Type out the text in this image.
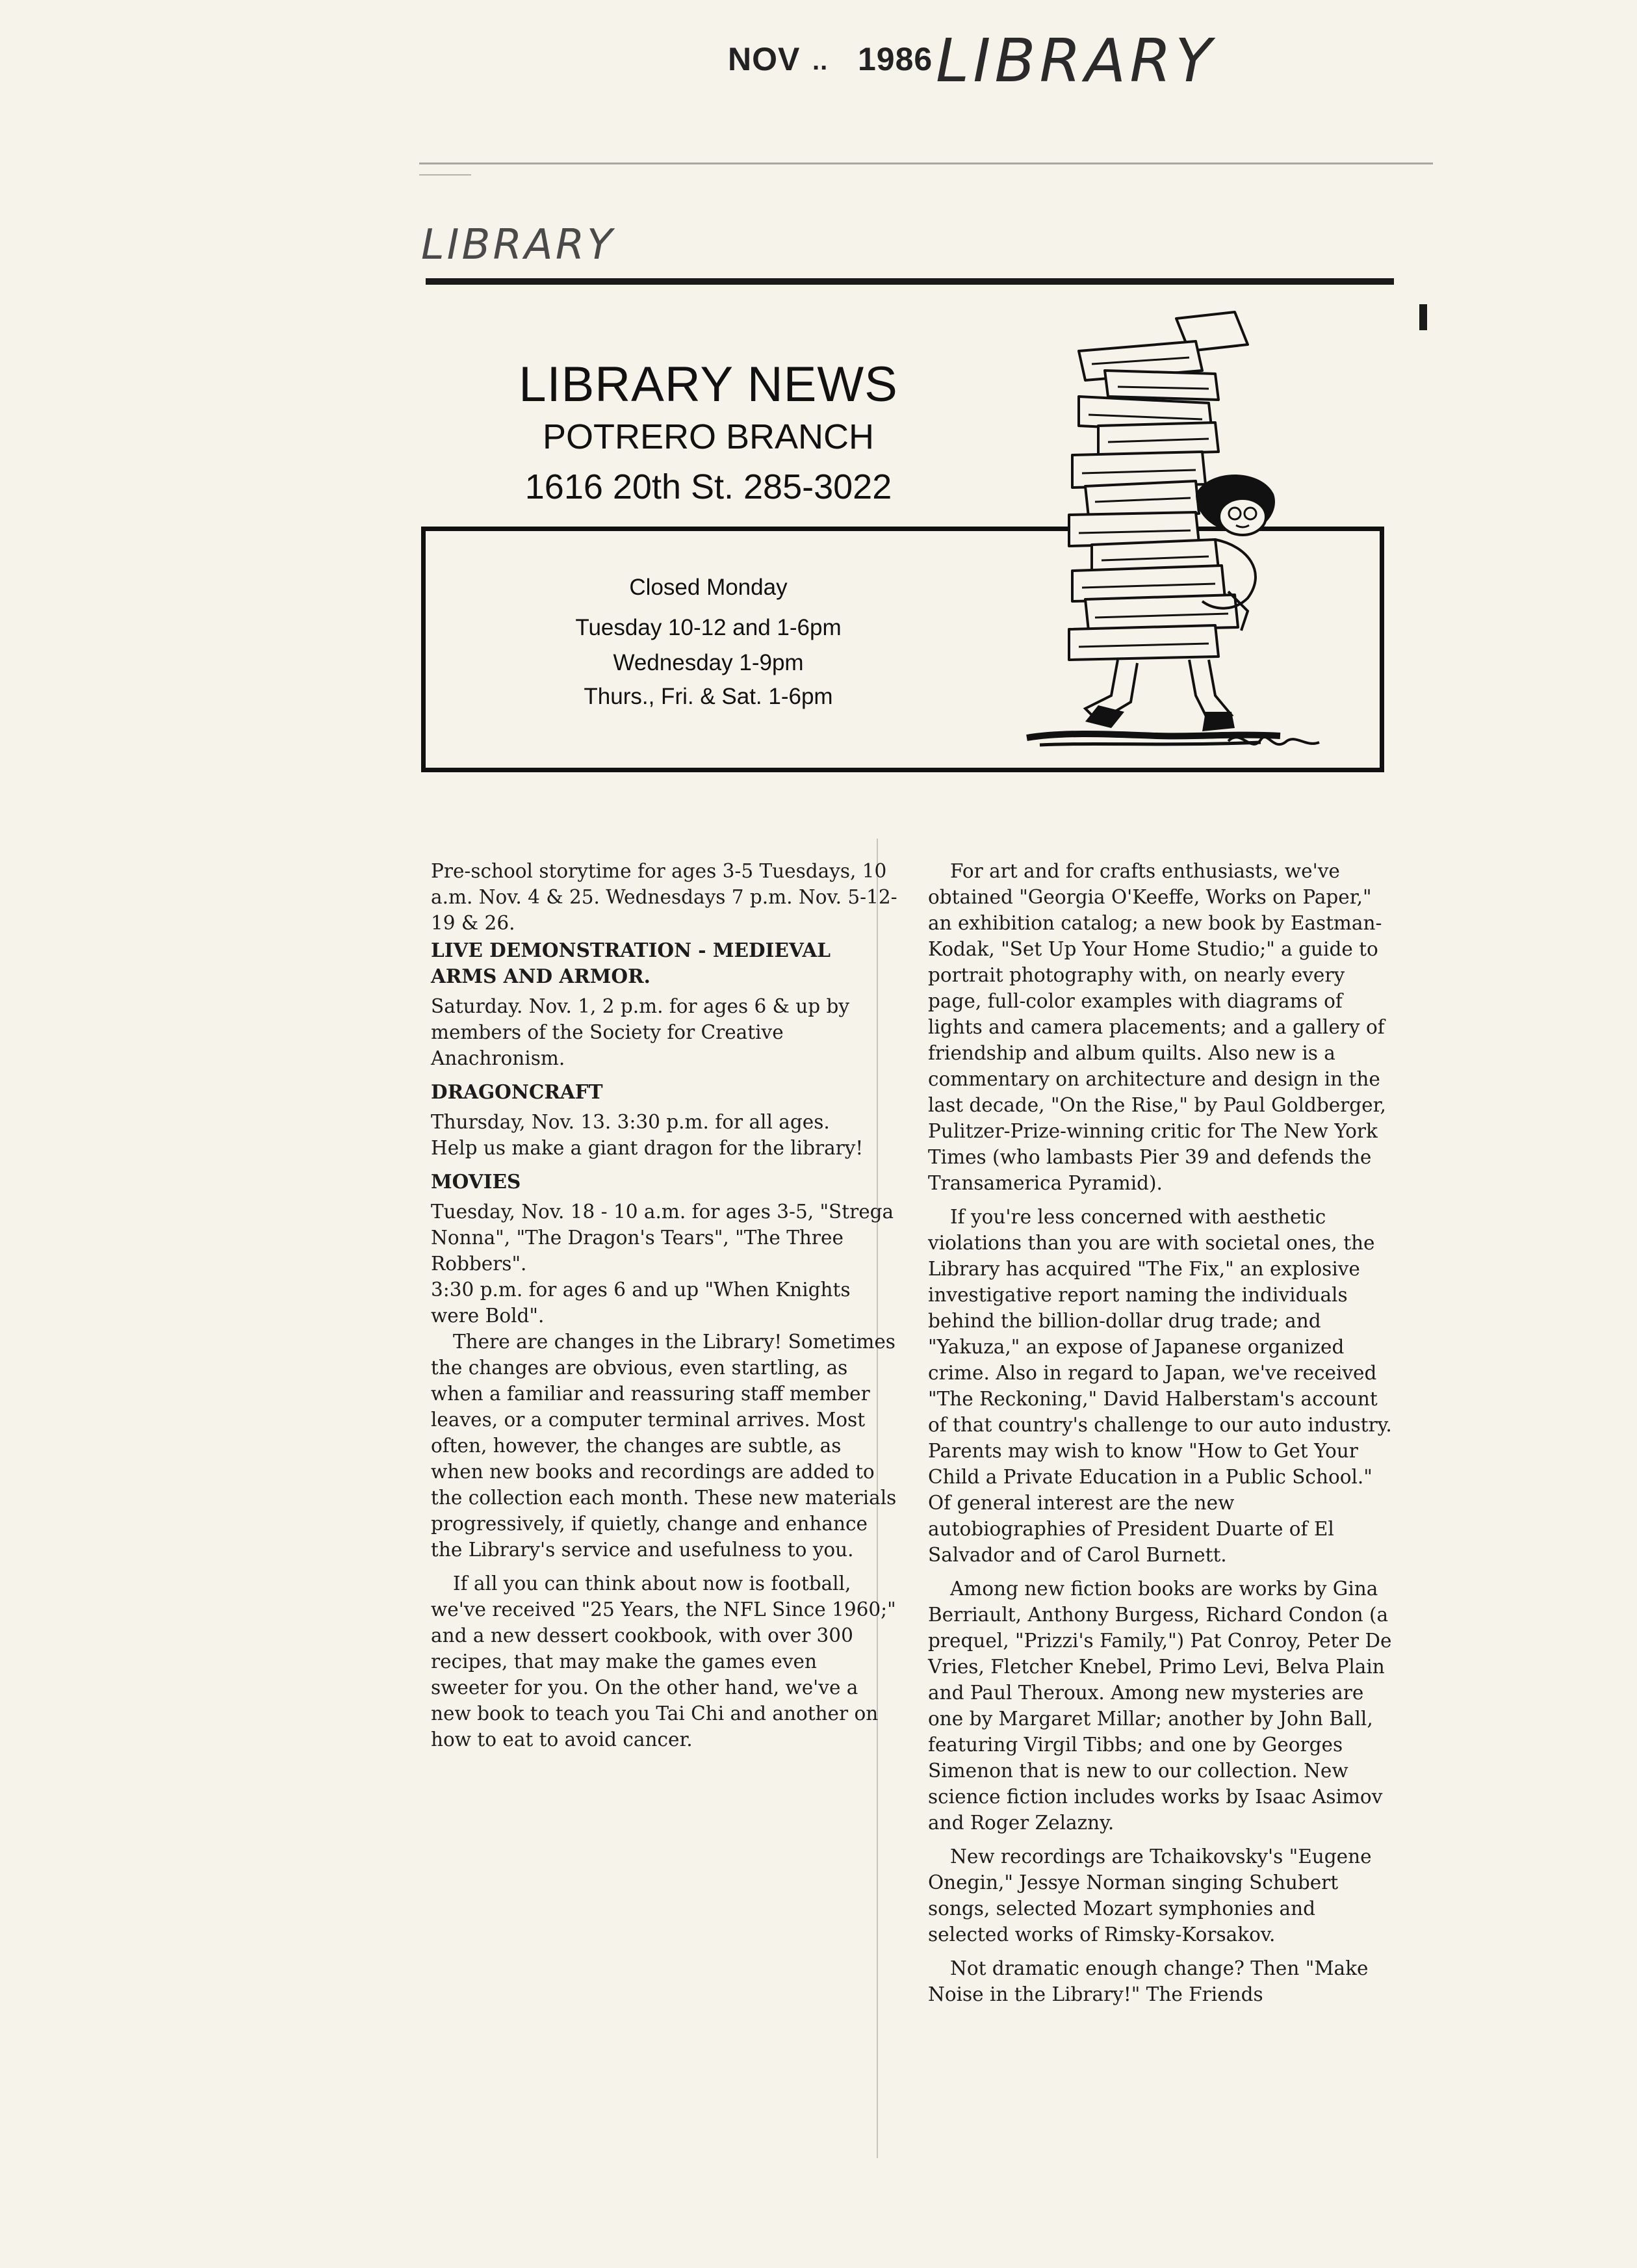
NOV .. 1986 LIBRARY
LIBRARY
LIBRARY NEWS
POTRERO BRANCH
1616 20th St. 285-3022
Closed Monday
Tuesday 10-12 and 1-6pm
Wednesday 1-9pm
Thurs., Fri. & Sat. 1-6pm

Pre-school storytime for ages 3-5 Tuesdays, 10 a.m. Nov. 4 & 25. Wednesdays 7 p.m. Nov. 5-12-19 & 26.

LIVE DEMONSTRATION - MEDIEVAL ARMS AND ARMOR.

Saturday. Nov. 1, 2 p.m. for ages 6 & up by members of the Society for Creative Anachronism.

DRAGONCRAFT

Thursday, Nov. 13. 3:30 p.m. for all ages.

Help us make a giant dragon for the library!

MOVIES

Tuesday, Nov. 18 - 10 a.m. for ages 3-5, "Strega Nonna", "The Dragon's Tears", "The Three Robbers".

3:30 p.m. for ages 6 and up "When Knights were Bold".

There are changes in the Library! Sometimes the changes are obvious, even startling, as when a familiar and reassuring staff member leaves, or a computer terminal arrives. Most often, however, the changes are subtle, as when new books and recordings are added to the collection each month. These new materials progressively, if quietly, change and enhance the Library's service and usefulness to you.

If all you can think about now is football, we've received "25 Years, the NFL Since 1960;" and a new dessert cookbook, with over 300 recipes, that may make the games even sweeter for you. On the other hand, we've a new book to teach you Tai Chi and another on how to eat to avoid cancer.

For art and for crafts enthusiasts, we've obtained "Georgia O'Keeffe, Works on Paper," an exhibition catalog; a new book by Eastman-Kodak, "Set Up Your Home Studio;" a guide to portrait photography with, on nearly every page, full-color examples with diagrams of lights and camera placements; and a gallery of friendship and album quilts. Also new is a commentary on architecture and design in the last decade, "On the Rise," by Paul Goldberger, Pulitzer-Prize-winning critic for The New York Times (who lambasts Pier 39 and defends the Transamerica Pyramid).

If you're less concerned with aesthetic violations than you are with societal ones, the Library has acquired "The Fix," an explosive investigative report naming the individuals behind the billion-dollar drug trade; and "Yakuza," an expose of Japanese organized crime. Also in regard to Japan, we've received "The Reckoning," David Halberstam's account of that country's challenge to our auto industry. Parents may wish to know "How to Get Your Child a Private Education in a Public School." Of general interest are the new autobiographies of President Duarte of El Salvador and of Carol Burnett.

Among new fiction books are works by Gina Berriault, Anthony Burgess, Richard Condon (a prequel, "Prizzi's Family,") Pat Conroy, Peter De Vries, Fletcher Knebel, Primo Levi, Belva Plain and Paul Theroux. Among new mysteries are one by Margaret Millar; another by John Ball, featuring Virgil Tibbs; and one by Georges Simenon that is new to our collection. New science fiction includes works by Isaac Asimov and Roger Zelazny.

New recordings are Tchaikovsky's "Eugene Onegin," Jessye Norman singing Schubert songs, selected Mozart symphonies and selected works of Rimsky-Korsakov.

Not dramatic enough change? Then "Make Noise in the Library!" The Friends
